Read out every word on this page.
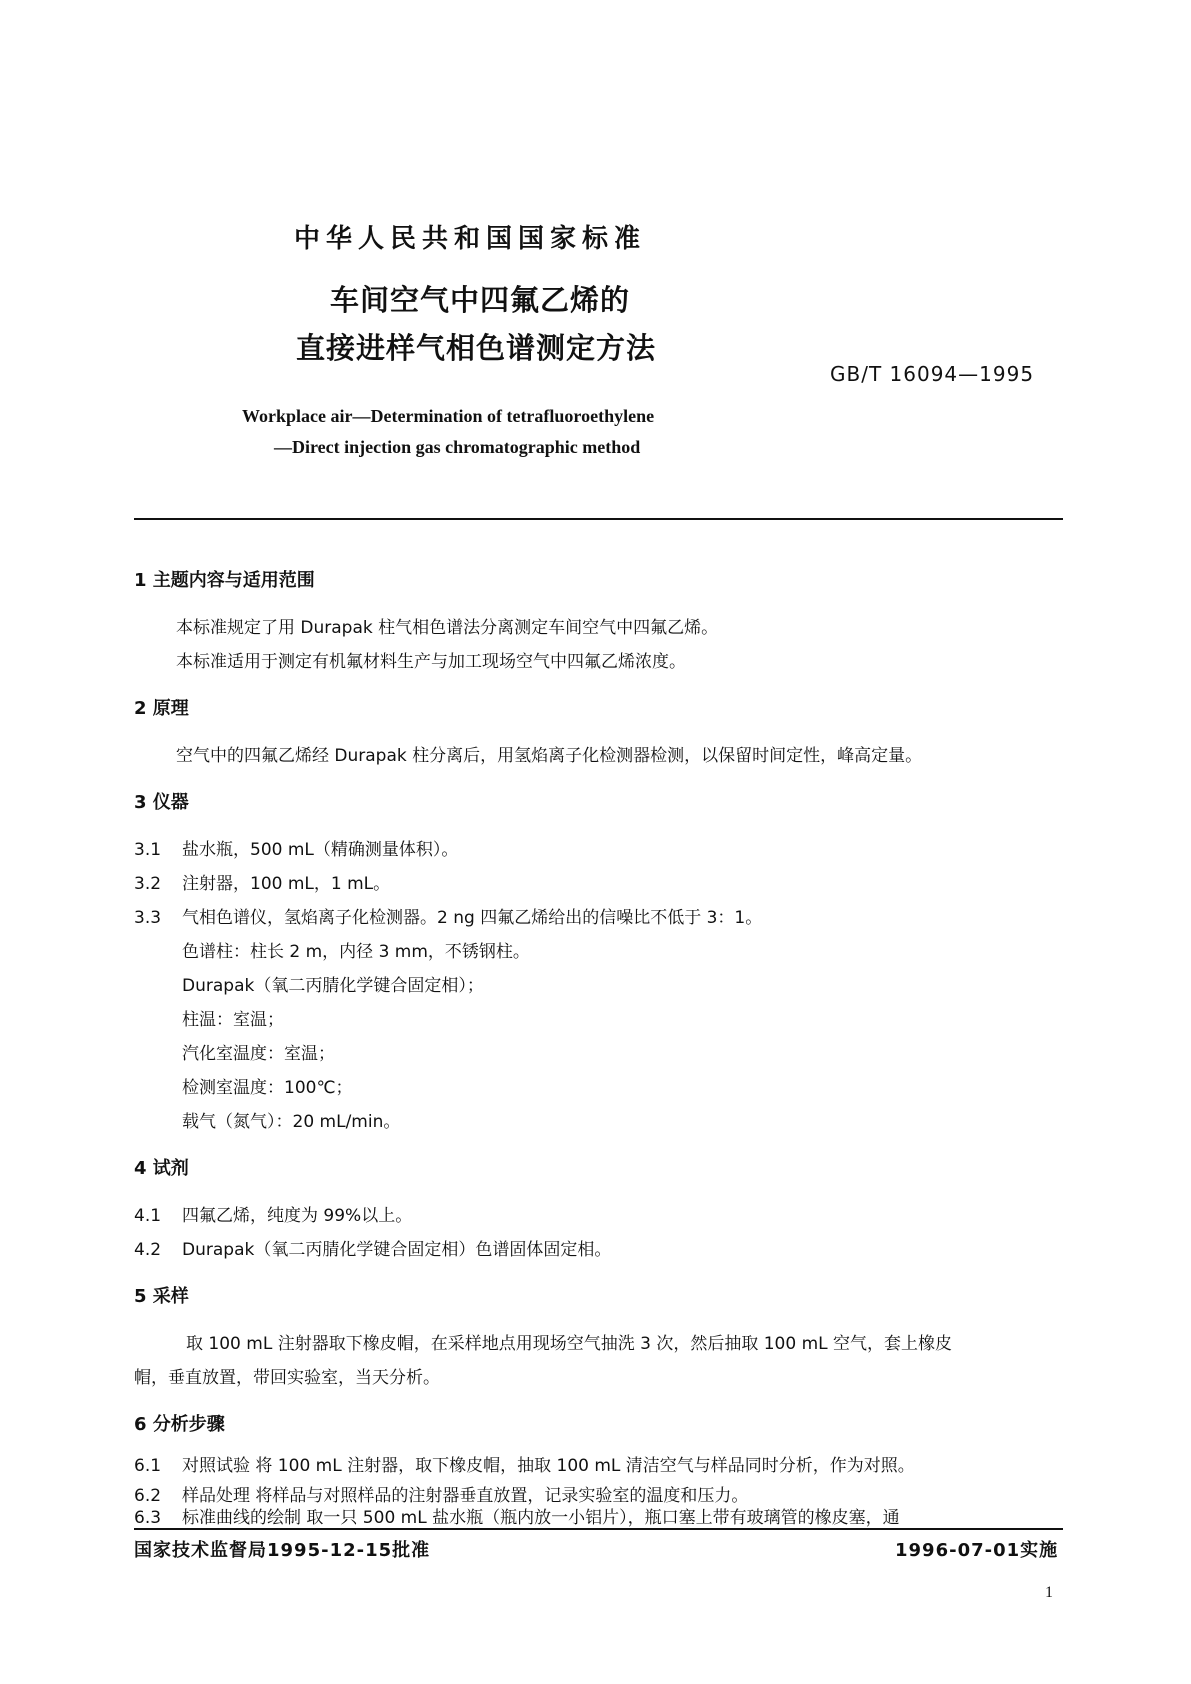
中华人民共和国国家标准
车间空气中四氟乙烯的
直接进样气相色谱测定方法
GB/T 16094—1995
Workplace air—Determination of tetrafluoroethylene
—Direct injection gas chromatographic method
1 主题内容与适用范围
本标准规定了用 Durapak 柱气相色谱法分离测定车间空气中四氟乙烯。
本标准适用于测定有机氟材料生产与加工现场空气中四氟乙烯浓度。
2 原理
空气中的四氟乙烯经 Durapak 柱分离后，用氢焰离子化检测器检测，以保留时间定性，峰高定量。
3 仪器
3.1 盐水瓶，500 mL（精确测量体积）。
3.2 注射器，100 mL，1 mL。
3.3 气相色谱仪，氢焰离子化检测器。2 ng 四氟乙烯给出的信噪比不低于 3：1。
色谱柱：柱长 2 m，内径 3 mm，不锈钢柱。
Durapak（氧二丙腈化学键合固定相）；
柱温：室温；
汽化室温度：室温；
检测室温度：100℃；
载气（氮气）：20 mL/min。
4 试剂
4.1 四氟乙烯，纯度为 99%以上。
4.2 Durapak（氧二丙腈化学键合固定相）色谱固体固定相。
5 采样
取 100 mL 注射器取下橡皮帽，在采样地点用现场空气抽洗 3 次，然后抽取 100 mL 空气，套上橡皮
帽，垂直放置，带回实验室，当天分析。
6 分析步骤
6.1 对照试验 将 100 mL 注射器，取下橡皮帽，抽取 100 mL 清洁空气与样品同时分析，作为对照。
6.2 样品处理 将样品与对照样品的注射器垂直放置，记录实验室的温度和压力。
6.3 标准曲线的绘制 取一只 500 mL 盐水瓶（瓶内放一小铝片），瓶口塞上带有玻璃管的橡皮塞，通
国家技术监督局1995-12-15批准	1996-07-01实施
1
